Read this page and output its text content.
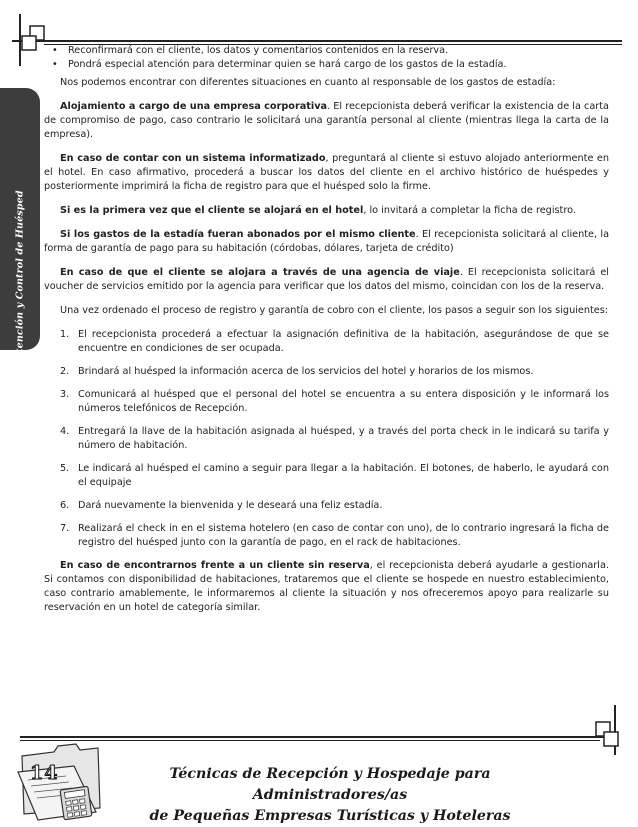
Recepción, Atención y Control de Huésped
• Reconfirmará con el cliente, los datos y comentarios contenidos en la reserva.
• Pondrá especial atención para determinar quien se hará cargo de los gastos de la estadía.

Nos podemos encontrar con diferentes situaciones en cuanto al responsable de los gastos de estadía:

Alojamiento a cargo de una empresa corporativa. El recepcionista deberá verificar la existencia de la carta de compromiso de pago, caso contrario le solicitará una garantía personal al cliente (mientras llega la carta de la empresa).

En caso de contar con un sistema informatizado, preguntará al cliente si estuvo alojado anteriormente en el hotel. En caso afirmativo, procederá a buscar los datos del cliente en el archivo histórico de huéspedes y posteriormente imprimirá la ficha de registro para que el huésped solo la firme.

Si es la primera vez que el cliente se alojará en el hotel, lo invitará a completar la ficha de registro.

Si los gastos de la estadía fueran abonados por el mismo cliente. El recepcionista solicitará al cliente, la forma de garantía de pago para su habitación (córdobas, dólares, tarjeta de crédito)

En caso de que el cliente se alojara a través de una agencia de viaje. El recepcionista solicitará el voucher de servicios emitido por la agencia para verificar que los datos del mismo, coincidan con los de la reserva.

Una vez ordenado el proceso de registro y garantía de cobro con el cliente, los pasos a seguir son los siguientes:

1. El recepcionista procederá a efectuar la asignación definitiva de la habitación, asegurándose de que se encuentre en condiciones de ser ocupada.
2. Brindará al huésped la información acerca de los servicios del hotel y horarios de los mismos.
3. Comunicará al huésped que el personal del hotel se encuentra a su entera disposición y le informará los números telefónicos de Recepción.
4. Entregará la llave de la habitación asignada al huésped, y a través del porta check in le indicará su tarifa y número de habitación.
5. Le indicará al huésped el camino a seguir para llegar a la habitación. El botones, de haberlo, le ayudará con el equipaje
6. Dará nuevamente la bienvenida y le deseará una feliz estadía.
7. Realizará el check in en el sistema hotelero (en caso de contar con uno), de lo contrario ingresará la ficha de registro del huésped junto con la garantía de pago, en el rack de habitaciones.

En caso de encontrarnos frente a un cliente sin reserva, el recepcionista deberá ayudarle a gestionarla. Si contamos con disponibilidad de habitaciones, trataremos que el cliente se hospede en nuestro establecimiento, caso contrario amablemente, le informaremos al cliente la situación y nos ofreceremos apoyo para realizarle su reservación en un hotel de categoría similar.

14	Técnicas de Recepción y Hospedaje para Administradores/as
de Pequeñas Empresas Turísticas y Hoteleras
